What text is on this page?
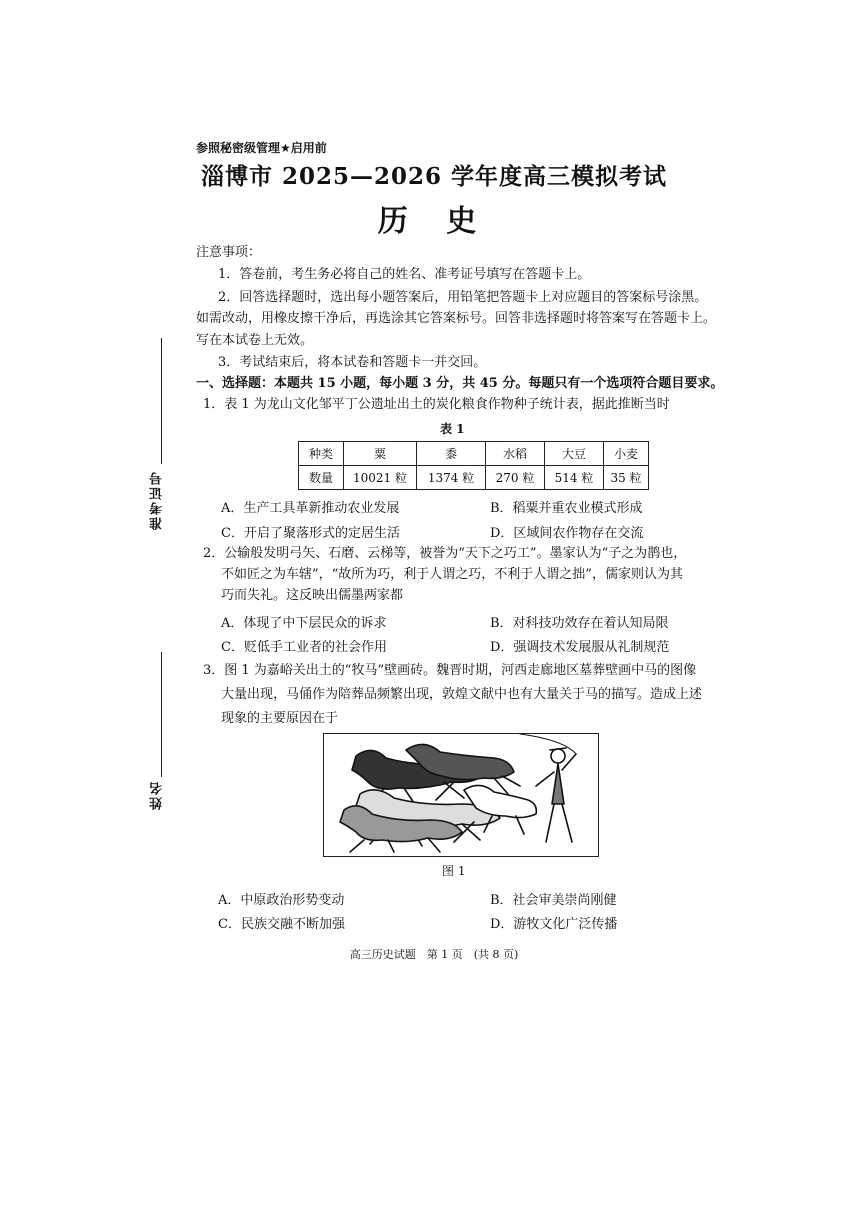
参照秘密级管理★启用前
淄博市 2025—2026 学年度高三模拟考试
历 史
准考证号
姓名
注意事项：
1．答卷前，考生务必将自己的姓名、准考证号填写在答题卡上。
2．回答选择题时，选出每小题答案后，用铅笔把答题卡上对应题目的答案标号涂黑。
如需改动，用橡皮擦干净后，再选涂其它答案标号。回答非选择题时将答案写在答题卡上。
写在本试卷上无效。
3．考试结束后，将本试卷和答题卡一并交回。
一、选择题：本题共 15 小题，每小题 3 分，共 45 分。每题只有一个选项符合题目要求。
1．表 1 为龙山文化邹平丁公遗址出土的炭化粮食作物种子统计表，据此推断当时
表 1
种类	粟	黍	水稻	大豆	小麦
数量	10021 粒	1374 粒	270 粒	514 粒	35 粒
A．生产工具革新推动农业发展	B．稻粟并重农业模式形成
C．开启了聚落形式的定居生活	D．区域间农作物存在交流
2．公输般发明弓矢、石磨、云梯等，被誉为“天下之巧工”。墨家认为“子之为鹊也，
不如匠之为车辖”，“故所为巧，利于人谓之巧，不利于人谓之拙”，儒家则认为其
巧而失礼。这反映出儒墨两家都
A．体现了中下层民众的诉求	B．对科技功效存在着认知局限
C．贬低手工业者的社会作用	D．强调技术发展服从礼制规范
3．图 1 为嘉峪关出土的“牧马”壁画砖。魏晋时期，河西走廊地区墓葬壁画中马的图像
大量出现，马俑作为陪葬品频繁出现，敦煌文献中也有大量关于马的描写。造成上述
现象的主要原因在于
图 1
A．中原政治形势变动	B．社会审美崇尚刚健
C．民族交融不断加强	D．游牧文化广泛传播
高三历史试题　第 1 页　(共 8 页)
